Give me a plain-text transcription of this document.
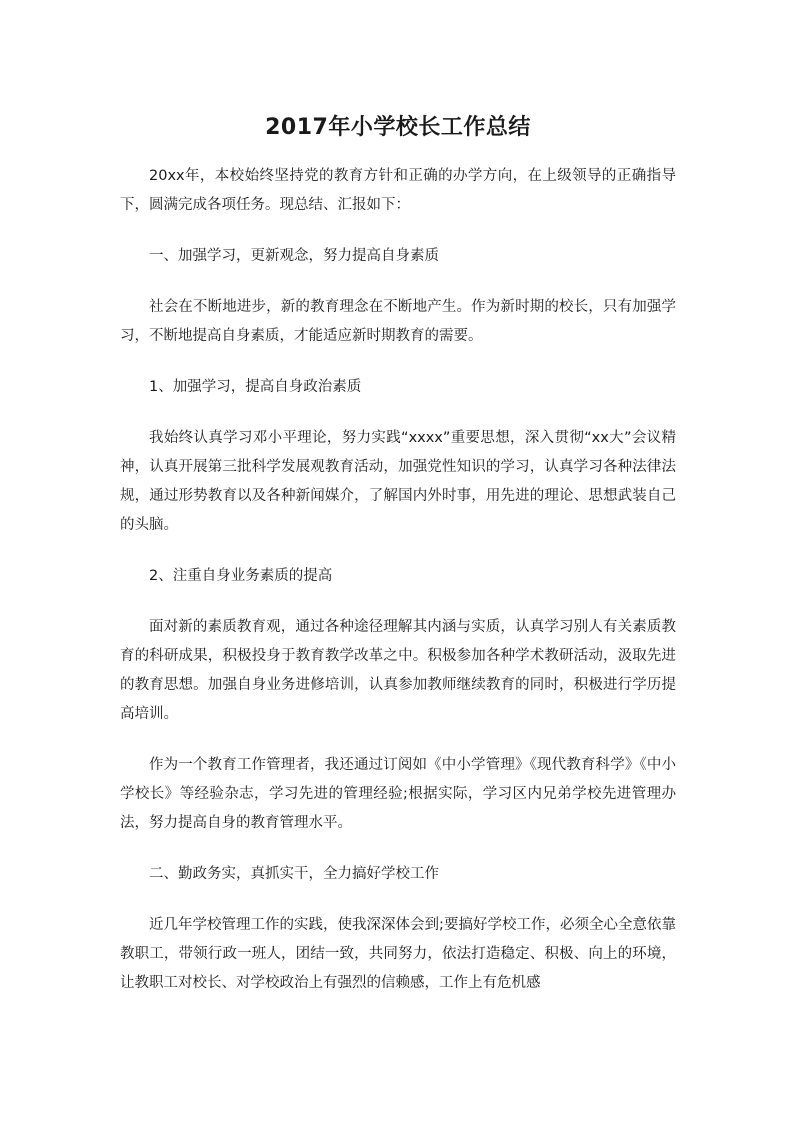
2017年小学校长工作总结

20xx年，本校始终坚持党的教育方针和正确的办学方向，在上级领导的正确指导下，圆满完成各项任务。现总结、汇报如下：

一、加强学习，更新观念，努力提高自身素质

社会在不断地进步，新的教育理念在不断地产生。作为新时期的校长，只有加强学习，不断地提高自身素质，才能适应新时期教育的需要。

1、加强学习，提高自身政治素质

我始终认真学习邓小平理论，努力实践“xxxx”重要思想，深入贯彻“xx大”会议精神，认真开展第三批科学发展观教育活动，加强党性知识的学习，认真学习各种法律法规，通过形势教育以及各种新闻媒介，了解国内外时事，用先进的理论、思想武装自己的头脑。

2、注重自身业务素质的提高

面对新的素质教育观，通过各种途径理解其内涵与实质，认真学习别人有关素质教育的科研成果，积极投身于教育教学改革之中。积极参加各种学术教研活动，汲取先进的教育思想。加强自身业务进修培训，认真参加教师继续教育的同时，积极进行学历提高培训。

作为一个教育工作管理者，我还通过订阅如《中小学管理》《现代教育科学》《中小学校长》等经验杂志，学习先进的管理经验;根据实际，学习区内兄弟学校先进管理办法，努力提高自身的教育管理水平。

二、勤政务实，真抓实干，全力搞好学校工作

近几年学校管理工作的实践，使我深深体会到;要搞好学校工作，必须全心全意依靠教职工，带领行政一班人，团结一致，共同努力，依法打造稳定、积极、向上的环境，让教职工对校长、对学校政治上有强烈的信赖感，工作上有危机感
